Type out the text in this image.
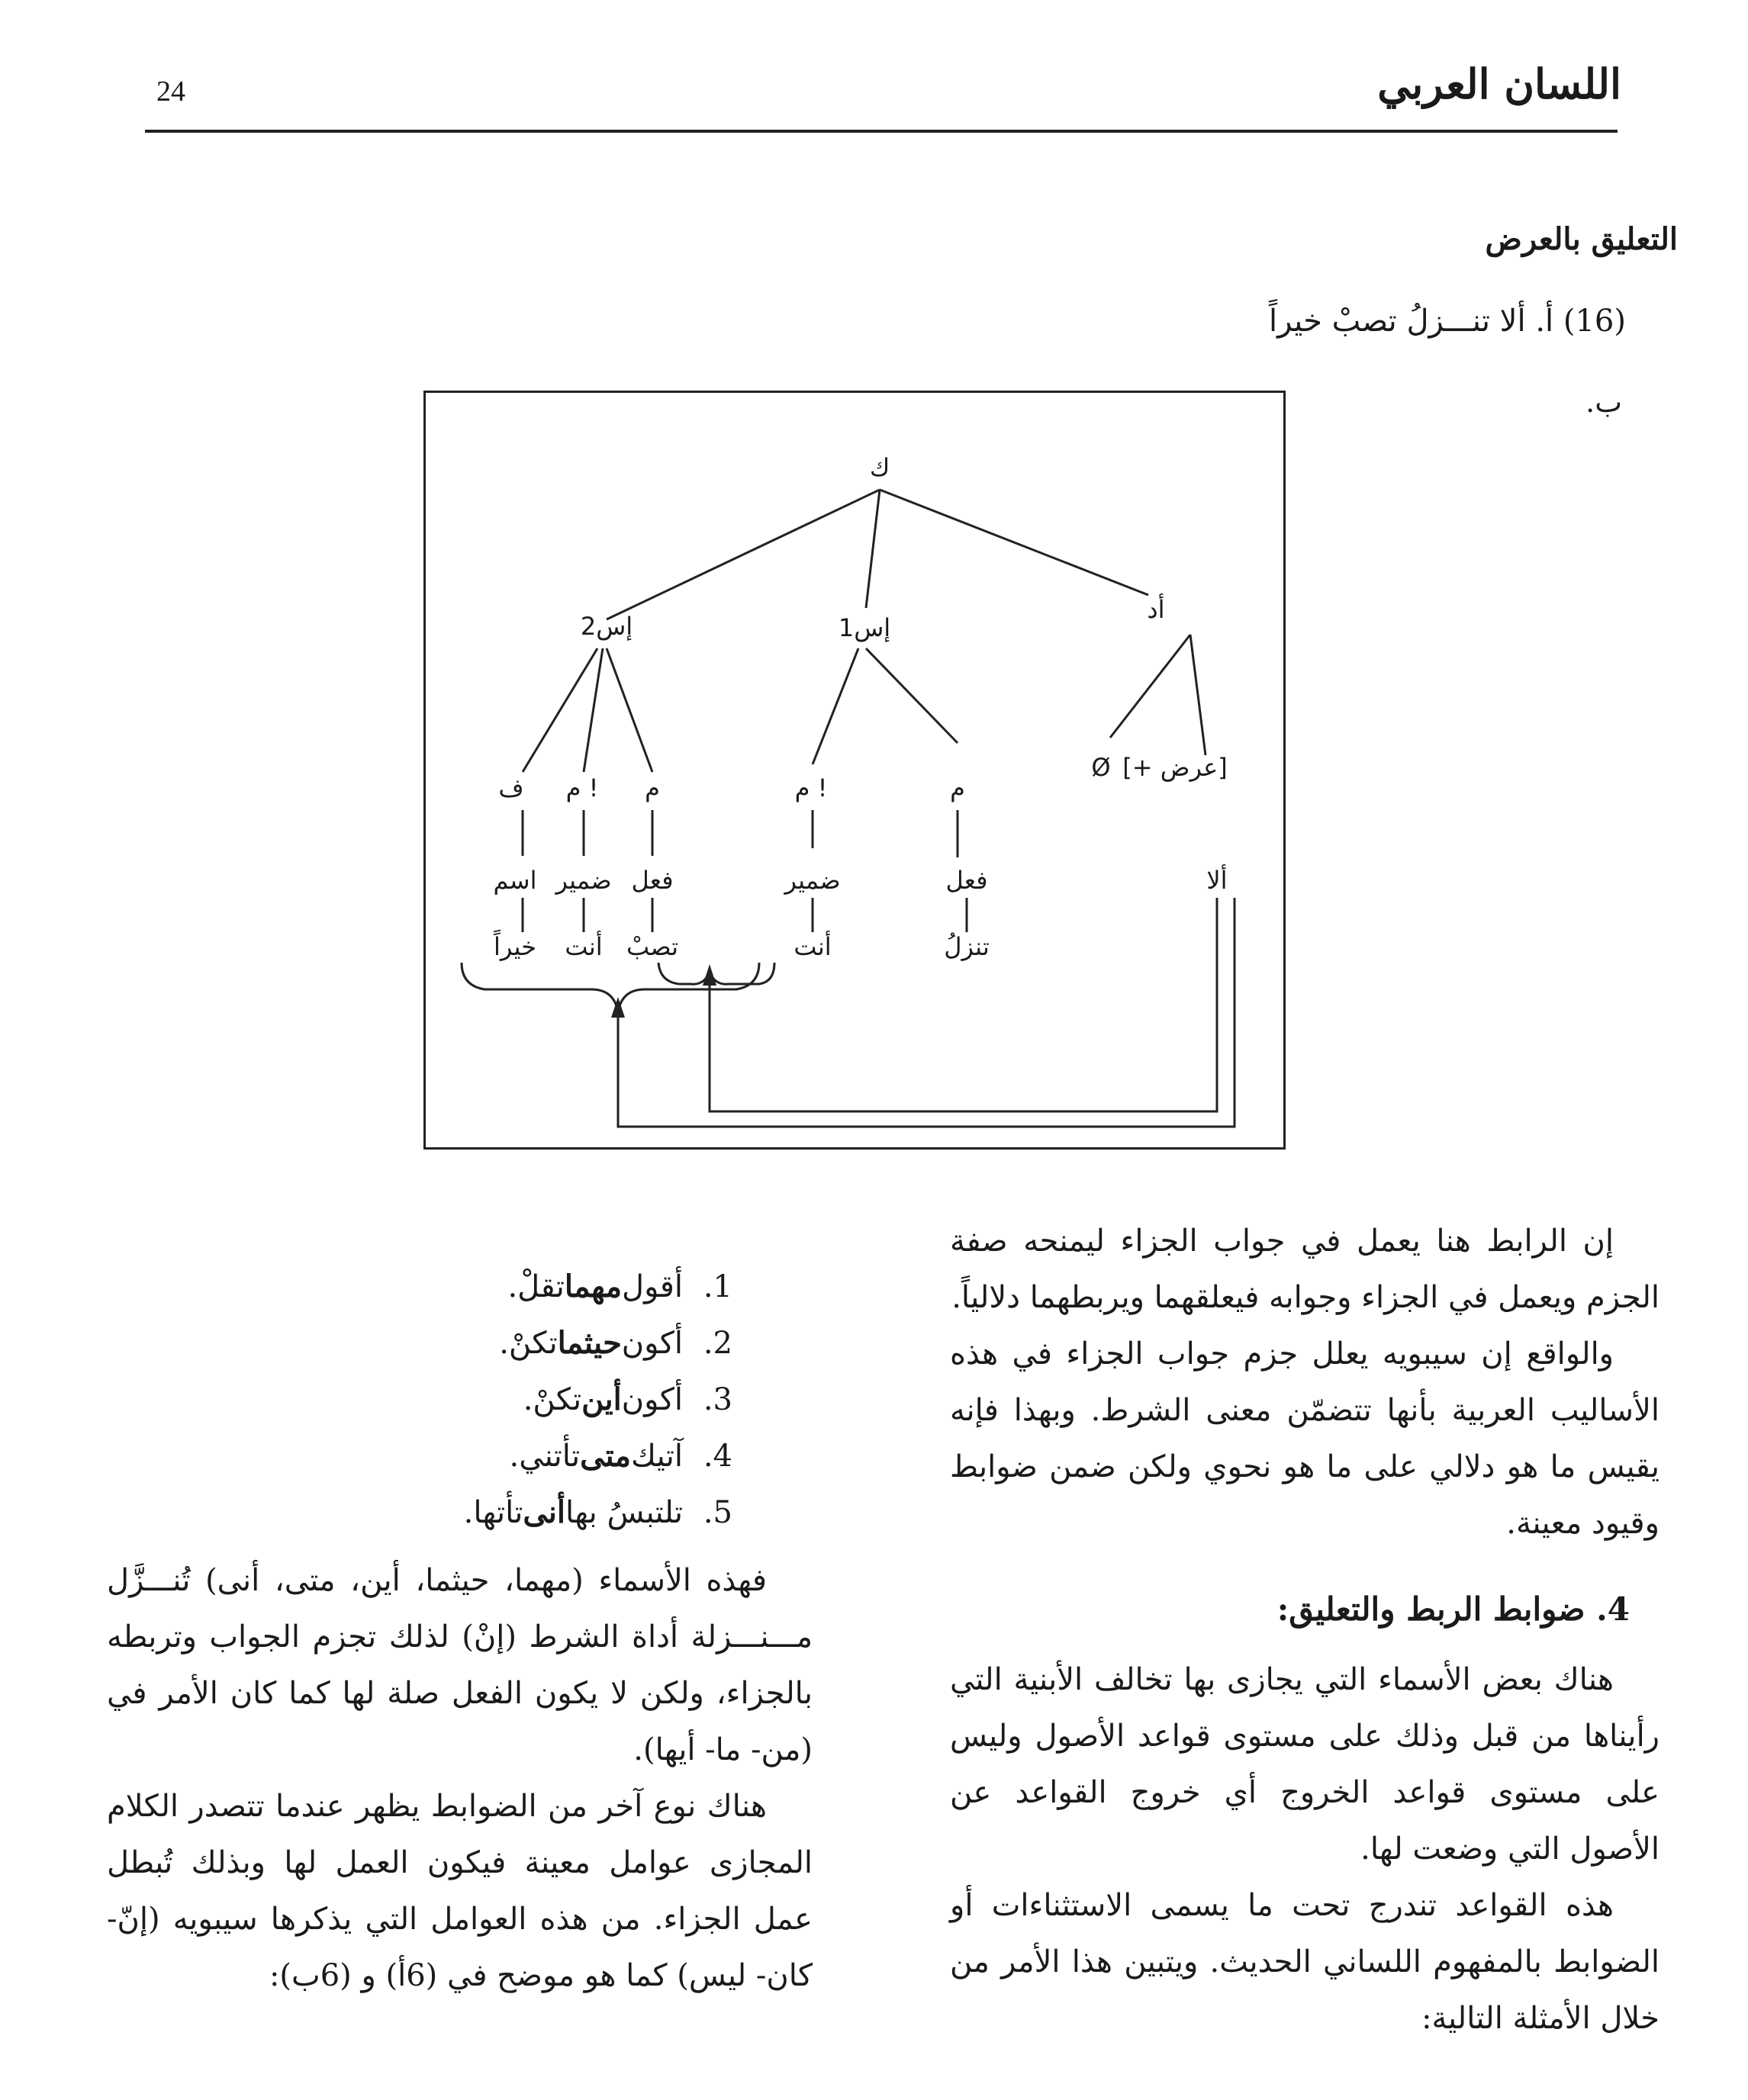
24	اللسان العربي
التعليق بالعرض
(16) أ. ألا تنـــزلُ تصبْ خيراً
ب.
ك
إس2	إس1
أد
[+ عرض]
Ø
م
م !
م
م !
ف
ألا
فعل
ضمير
فعل
ضمير
اسم
تنزلُ
أنت
تصبْ
أنت
خيراً

إن الرابط هنا يعمل في جواب الجزاء ليمنحه صفة الجزم ويعمل في الجزاء وجوابه فيعلقهما ويربطهما دلالياً.

والواقع إن سيبويه يعلل جزم جواب الجزاء في هذه الأساليب العربية بأنها تتضمّن معنى الشرط. وبهذا فإنه يقيس ما هو دلالي على ما هو نحوي ولكن ضمن ضوابط وقيود معينة.

4. ضوابط الربط والتعليق:

هناك بعض الأسماء التي يجازى بها تخالف الأبنية التي رأيناها من قبل وذلك على مستوى قواعد الأصول وليس على مستوى قواعد الخروج أي خروج القواعد عن الأصول التي وضعت لها.

هذه القواعد تندرج تحت ما يسمى الاستثناءات أو الضوابط بالمفهوم اللساني الحديث. ويتبين هذا الأمر من خلال الأمثلة التالية:

1.
أقول
مهما
تقلْ.
2.
أكون
حيثما
تكنْ.
3.
أكون
أين
تكنْ.
4.
آتيك
متى
تأتني.
5.
تلتبسُ بها
أنى
تأتها.

فهذه الأسماء (مهما، حيثما، أين، متى، أنى) تُنـــزَّل مـــنـــزلة أداة الشرط (إنْ) لذلك تجزم الجواب وتربطه بالجزاء، ولكن لا يكون الفعل صلة لها كما كان الأمر في (من- ما- أيها).

هناك نوع آخر من الضوابط يظهر عندما تتصدر الكلام المجازى عوامل معينة فيكون العمل لها وبذلك تُبطل عمل الجزاء. من هذه العوامل التي يذكرها سيبويه (إنّ- كان- ليس) كما هو موضح في (6أ) و (6ب):
